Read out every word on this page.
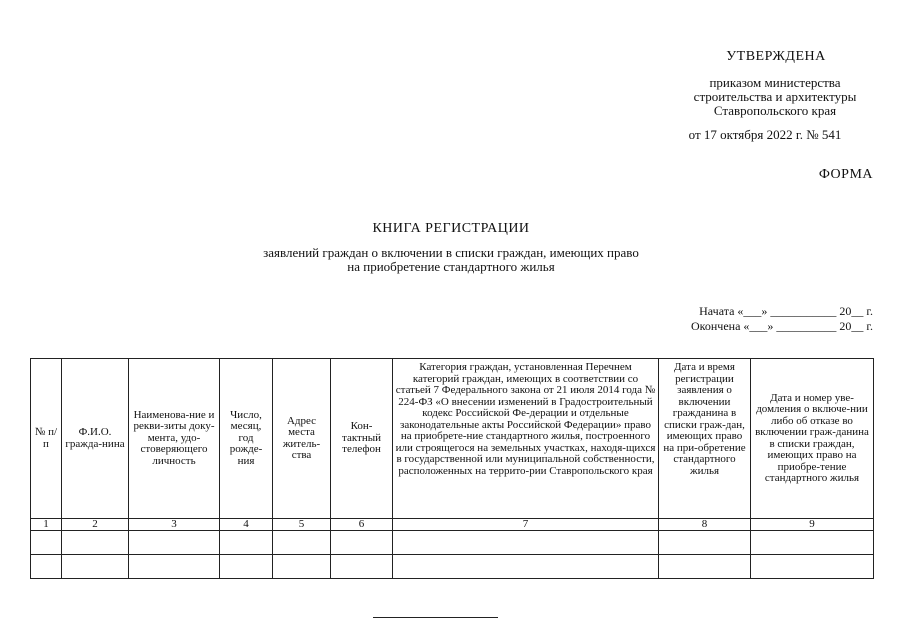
УТВЕРЖДЕНА
приказом министерства
строительства и архитектуры
Ставропольского края
от 17 октября 2022 г. № 541
ФОРМА
КНИГА РЕГИСТРАЦИИ
заявлений граждан о включении в списки граждан, имеющих право
на приобретение стандартного жилья
Начата «___» ___________ 20__ г.
Окончена «___» __________ 20__ г.
№ п/п	Ф.И.О. гражда-нина	Наименова-ние и рекви-зиты доку-мента, удо-стоверяющего личность	Число, месяц, год рожде-ния	Адрес места житель-ства	Кон-тактный телефон	Категория граждан, установленная Перечнем категорий граждан, имеющих в соответствии со статьей 7 Федерального закона от 21 июля 2014 года № 224-ФЗ «О внесении изменений в Градостроительный кодекс Российской Фе-дерации и отдельные законодательные акты Российской Федерации» право на приобрете-ние стандартного жилья, построенного или строящегося на земельных участках, находя-щихся в государственной или муниципальной собственности, расположенных на террито-рии Ставропольского края	Дата и время регистрации заявления о включении гражданина в списки граж-дан, имеющих право на при-обретение стандартного жилья	Дата и номер уве-домления о включе-нии либо об отказе во включении граж-данина в списки граждан, имеющих право на приобре-тение стандартного жилья
1	2	3	4	5	6	7	8	9
